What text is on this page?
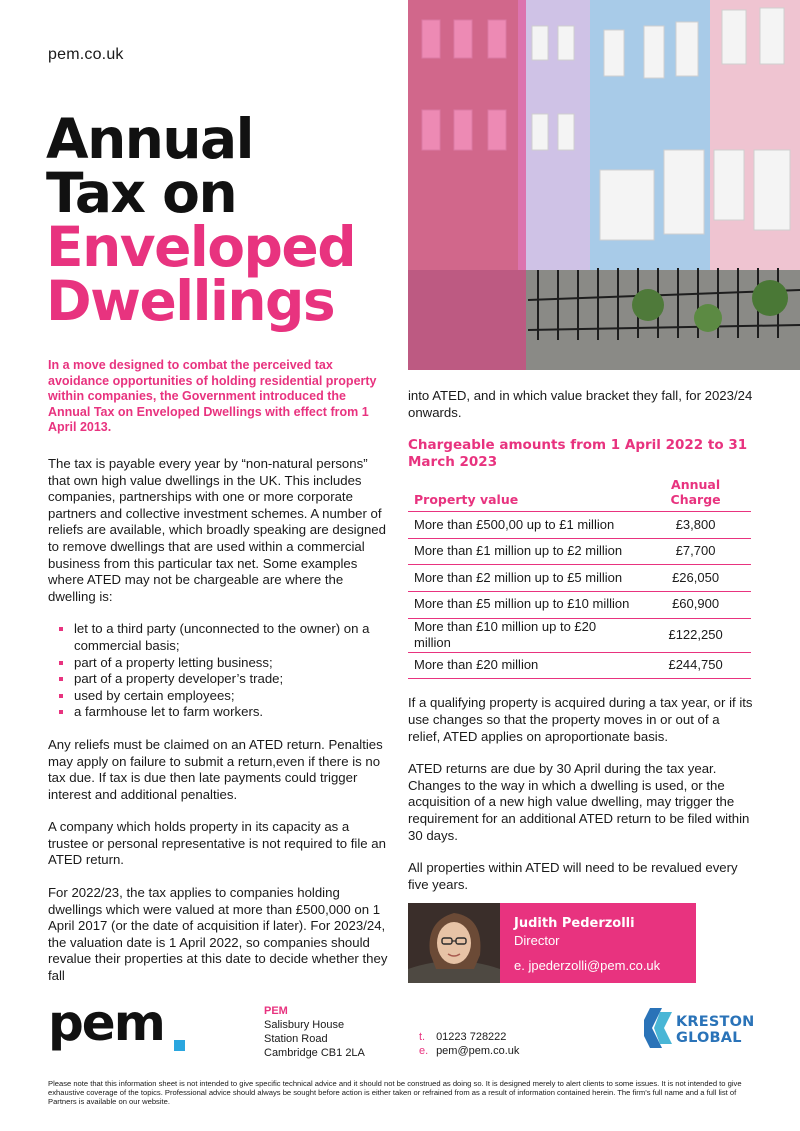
pem.co.uk
Annual
Tax on
Enveloped
Dwellings
In a move designed to combat the perceived tax avoidance opportunities of holding residential property within companies, the Government introduced the Annual Tax on Enveloped Dwellings with effect from 1 April 2013.

The tax is payable every year by “non-natural persons” that own high value dwellings in the UK. This includes companies, partnerships with one or more corporate partners and collective investment schemes. A number of reliefs are available, which broadly speaking are designed to remove dwellings that are used within a commercial business from this particular tax net. Some examples where ATED may not be chargeable are where the dwelling is:

let to a third party (unconnected to the owner) on a commercial basis;
part of a property letting business;
part of a property developer’s trade;
used by certain employees;
a farmhouse let to farm workers.

Any reliefs must be claimed on an ATED return. Penalties may apply on failure to submit a return,even if there is no tax due. If tax is due then late payments could trigger interest and additional penalties.

A company which holds property in its capacity as a trustee or personal representative is not required to file an ATED return.

For 2022/23, the tax applies to companies holding dwellings which were valued at more than £500,000 on 1 April 2017 (or the date of acquisition if later). For 2023/24, the valuation date is 1 April 2022, so companies should revalue their properties at this date to decide whether they fall

into ATED, and in which value bracket they fall, for 2023/24 onwards.

Chargeable amounts from 1 April 2022 to 31 March 2023
Property value	Annual Charge
More than £500,00 up to £1 million	£3,800
More than £1 million up to £2 million	£7,700
More than £2 million up to £5 million	£26,050
More than £5 million up to £10 million	£60,900
More than £10 million up to £20 million	£122,250
More than £20 million	£244,750

If a qualifying property is acquired during a tax year, or if its use changes so that the property moves in or out of a relief, ATED applies on aproportionate basis.

ATED returns are due by 30 April during the tax year. Changes to the way in which a dwelling is used, or the acquisition of a new high value dwelling, may trigger the requirement for an additional ATED return to be filed within 30 days.

All properties within ATED will need to be revalued every five years.

Judith Pederzolli
Director
e. jpederzolli@pem.co.uk
pem	PEM
Salisbury House
Station Road
Cambridge CB1 2LA
t. 01223 728222
e. pem@pem.co.uk
KRESTON
GLOBAL
Please note that this information sheet is not intended to give specific technical advice and it should not be construed as doing so. It is designed merely to alert clients to some issues. It is not intended to give exhaustive coverage of the topics. Professional advice should always be sought before action is either taken or refrained from as a result of information contained herein. The firm’s full name and a full list of Partners is available on our website.
